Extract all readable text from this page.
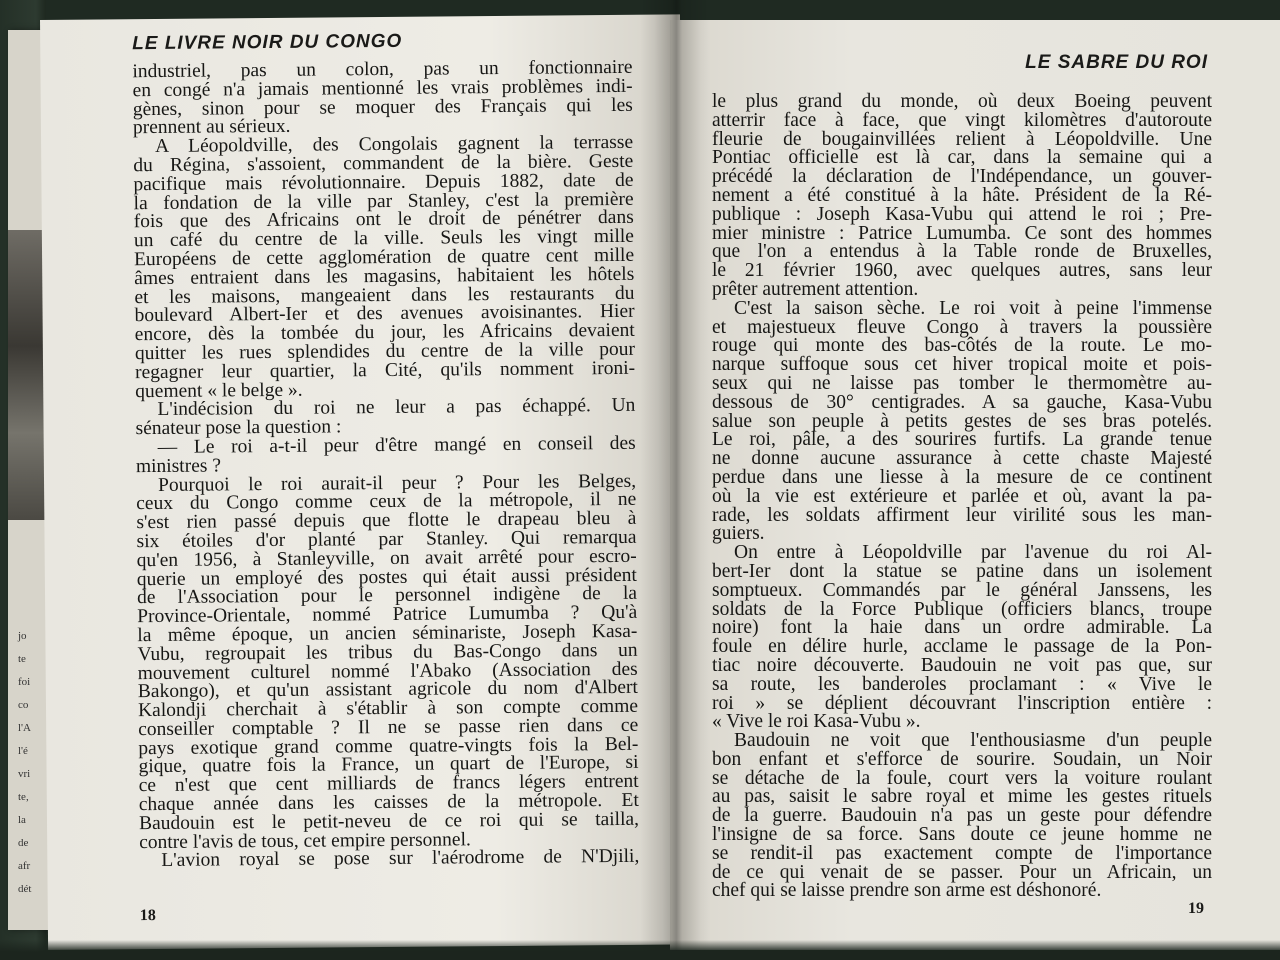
jo
te
foi
co
l'A
l'é
vri
te,
la
de
afr
dét
LE LIVRE NOIR DU CONGO
industriel, pas un colon, pas un fonctionnaire
en congé n'a jamais mentionné les vrais problèmes indi-
gènes, sinon pour se moquer des Français qui les
prennent au sérieux.
A Léopoldville, des Congolais gagnent la terrasse
du Régina, s'assoient, commandent de la bière. Geste
pacifique mais révolutionnaire. Depuis 1882, date de
la fondation de la ville par Stanley, c'est la première
fois que des Africains ont le droit de pénétrer dans
un café du centre de la ville. Seuls les vingt mille
Européens de cette agglomération de quatre cent mille
âmes entraient dans les magasins, habitaient les hôtels
et les maisons, mangeaient dans les restaurants du
boulevard Albert-Ier et des avenues avoisinantes. Hier
encore, dès la tombée du jour, les Africains devaient
quitter les rues splendides du centre de la ville pour
regagner leur quartier, la Cité, qu'ils nomment ironi-
quement « le belge ».
L'indécision du roi ne leur a pas échappé. Un
sénateur pose la question :
— Le roi a-t-il peur d'être mangé en conseil des
ministres ?
Pourquoi le roi aurait-il peur ? Pour les Belges,
ceux du Congo comme ceux de la métropole, il ne
s'est rien passé depuis que flotte le drapeau bleu à
six étoiles d'or planté par Stanley. Qui remarqua
qu'en 1956, à Stanleyville, on avait arrêté pour escro-
querie un employé des postes qui était aussi président
de l'Association pour le personnel indigène de la
Province-Orientale, nommé Patrice Lumumba ? Qu'à
la même époque, un ancien séminariste, Joseph Kasa-
Vubu, regroupait les tribus du Bas-Congo dans un
mouvement culturel nommé l'Abako (Association des
Bakongo), et qu'un assistant agricole du nom d'Albert
Kalondji cherchait à s'établir à son compte comme
conseiller comptable ? Il ne se passe rien dans ce
pays exotique grand comme quatre-vingts fois la Bel-
gique, quatre fois la France, un quart de l'Europe, si
ce n'est que cent milliards de francs légers entrent
chaque année dans les caisses de la métropole. Et
Baudouin est le petit-neveu de ce roi qui se tailla,
contre l'avis de tous, cet empire personnel.
L'avion royal se pose sur l'aérodrome de N'Djili,
18
LE SABRE DU ROI
le plus grand du monde, où deux Boeing peuvent
atterrir face à face, que vingt kilomètres d'autoroute
fleurie de bougainvillées relient à Léopoldville. Une
Pontiac officielle est là car, dans la semaine qui a
précédé la déclaration de l'Indépendance, un gouver-
nement a été constitué à la hâte. Président de la Ré-
publique : Joseph Kasa-Vubu qui attend le roi ; Pre-
mier ministre : Patrice Lumumba. Ce sont des hommes
que l'on a entendus à la Table ronde de Bruxelles,
le 21 février 1960, avec quelques autres, sans leur
prêter autrement attention.
C'est la saison sèche. Le roi voit à peine l'immense
et majestueux fleuve Congo à travers la poussière
rouge qui monte des bas-côtés de la route. Le mo-
narque suffoque sous cet hiver tropical moite et pois-
seux qui ne laisse pas tomber le thermomètre au-
dessous de 30° centigrades. A sa gauche, Kasa-Vubu
salue son peuple à petits gestes de ses bras potelés.
Le roi, pâle, a des sourires furtifs. La grande tenue
ne donne aucune assurance à cette chaste Majesté
perdue dans une liesse à la mesure de ce continent
où la vie est extérieure et parlée et où, avant la pa-
rade, les soldats affirment leur virilité sous les man-
guiers.
On entre à Léopoldville par l'avenue du roi Al-
bert-Ier dont la statue se patine dans un isolement
somptueux. Commandés par le général Janssens, les
soldats de la Force Publique (officiers blancs, troupe
noire) font la haie dans un ordre admirable. La
foule en délire hurle, acclame le passage de la Pon-
tiac noire découverte. Baudouin ne voit pas que, sur
sa route, les banderoles proclamant : « Vive le
roi » se déplient découvrant l'inscription entière :
« Vive le roi Kasa-Vubu ».
Baudouin ne voit que l'enthousiasme d'un peuple
bon enfant et s'efforce de sourire. Soudain, un Noir
se détache de la foule, court vers la voiture roulant
au pas, saisit le sabre royal et mime les gestes rituels
de la guerre. Baudouin n'a pas un geste pour défendre
l'insigne de sa force. Sans doute ce jeune homme ne
se rendit-il pas exactement compte de l'importance
de ce qui venait de se passer. Pour un Africain, un
chef qui se laisse prendre son arme est déshonoré.
19
